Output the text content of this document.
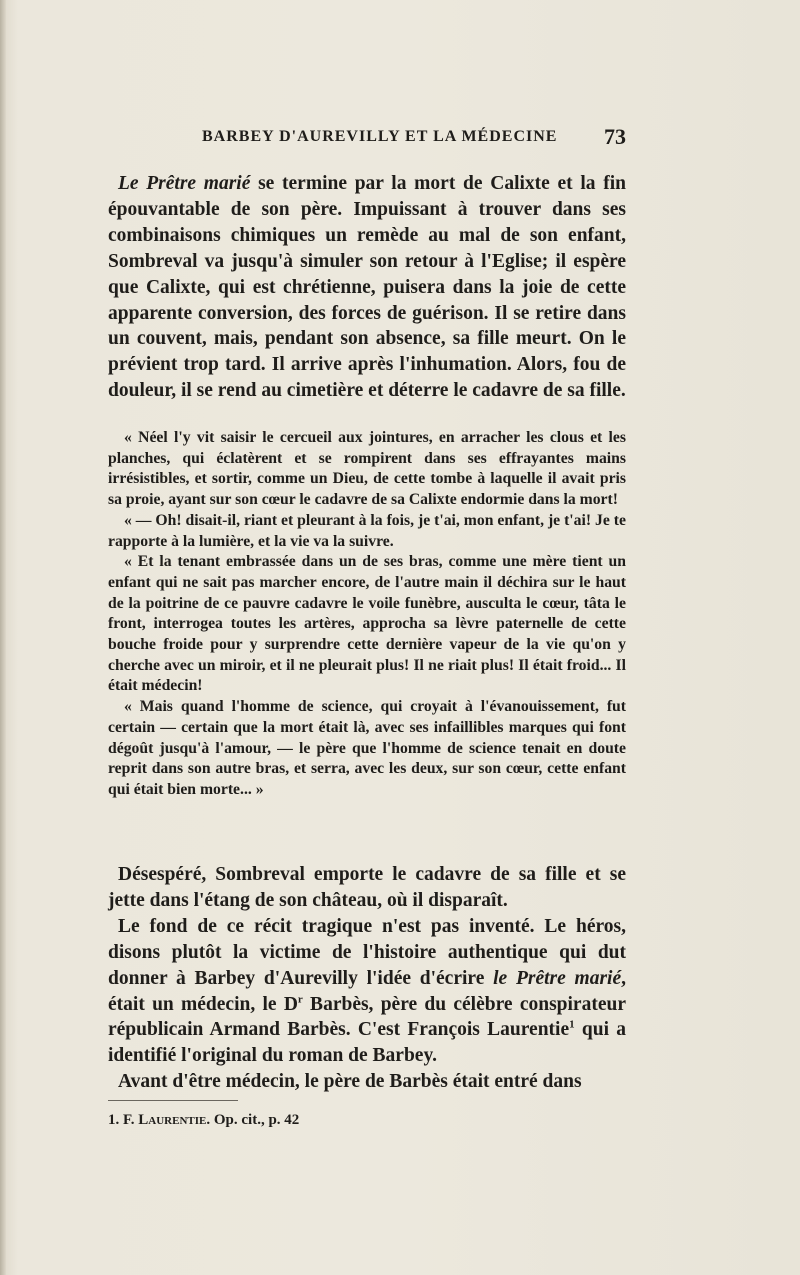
BARBEY D'AUREVILLY ET LA MÉDECINE 73

Le Prêtre marié se termine par la mort de Calixte et la fin épouvantable de son père. Impuissant à trouver dans ses combinaisons chimiques un remède au mal de son enfant, Sombreval va jusqu'à simuler son retour à l'Eglise; il espère que Calixte, qui est chrétienne, puisera dans la joie de cette apparente conversion, des forces de guérison. Il se retire dans un couvent, mais, pendant son absence, sa fille meurt. On le prévient trop tard. Il arrive après l'inhumation. Alors, fou de douleur, il se rend au cimetière et déterre le cadavre de sa fille.

« Néel l'y vit saisir le cercueil aux jointures, en arracher les clous et les planches, qui éclatèrent et se rompirent dans ses effrayantes mains irrésistibles, et sortir, comme un Dieu, de cette tombe à laquelle il avait pris sa proie, ayant sur son cœur le cadavre de sa Calixte endormie dans la mort!

« — Oh! disait-il, riant et pleurant à la fois, je t'ai, mon enfant, je t'ai! Je te rapporte à la lumière, et la vie va la suivre.

« Et la tenant embrassée dans un de ses bras, comme une mère tient un enfant qui ne sait pas marcher encore, de l'autre main il déchira sur le haut de la poitrine de ce pauvre cadavre le voile funèbre, ausculta le cœur, tâta le front, interrogea toutes les artères, approcha sa lèvre paternelle de cette bouche froide pour y surprendre cette dernière vapeur de la vie qu'on y cherche avec un miroir, et il ne pleurait plus! Il ne riait plus! Il était froid... Il était médecin!

« Mais quand l'homme de science, qui croyait à l'évanouissement, fut certain — certain que la mort était là, avec ses infaillibles marques qui font dégoût jusqu'à l'amour, — le père que l'homme de science tenait en doute reprit dans son autre bras, et serra, avec les deux, sur son cœur, cette enfant qui était bien morte... »

Désespéré, Sombreval emporte le cadavre de sa fille et se jette dans l'étang de son château, où il disparaît.

Le fond de ce récit tragique n'est pas inventé. Le héros, disons plutôt la victime de l'histoire authentique qui dut donner à Barbey d'Aurevilly l'idée d'écrire le Prêtre marié, était un médecin, le $D^r$ Barbès, père du célèbre conspirateur républicain Armand Barbès. C'est François Laurentie$^1$ qui a identifié l'original du roman de Barbey.

Avant d'être médecin, le père de Barbès était entré dans

1. F. Laurentie. Op. cit., p. 42
